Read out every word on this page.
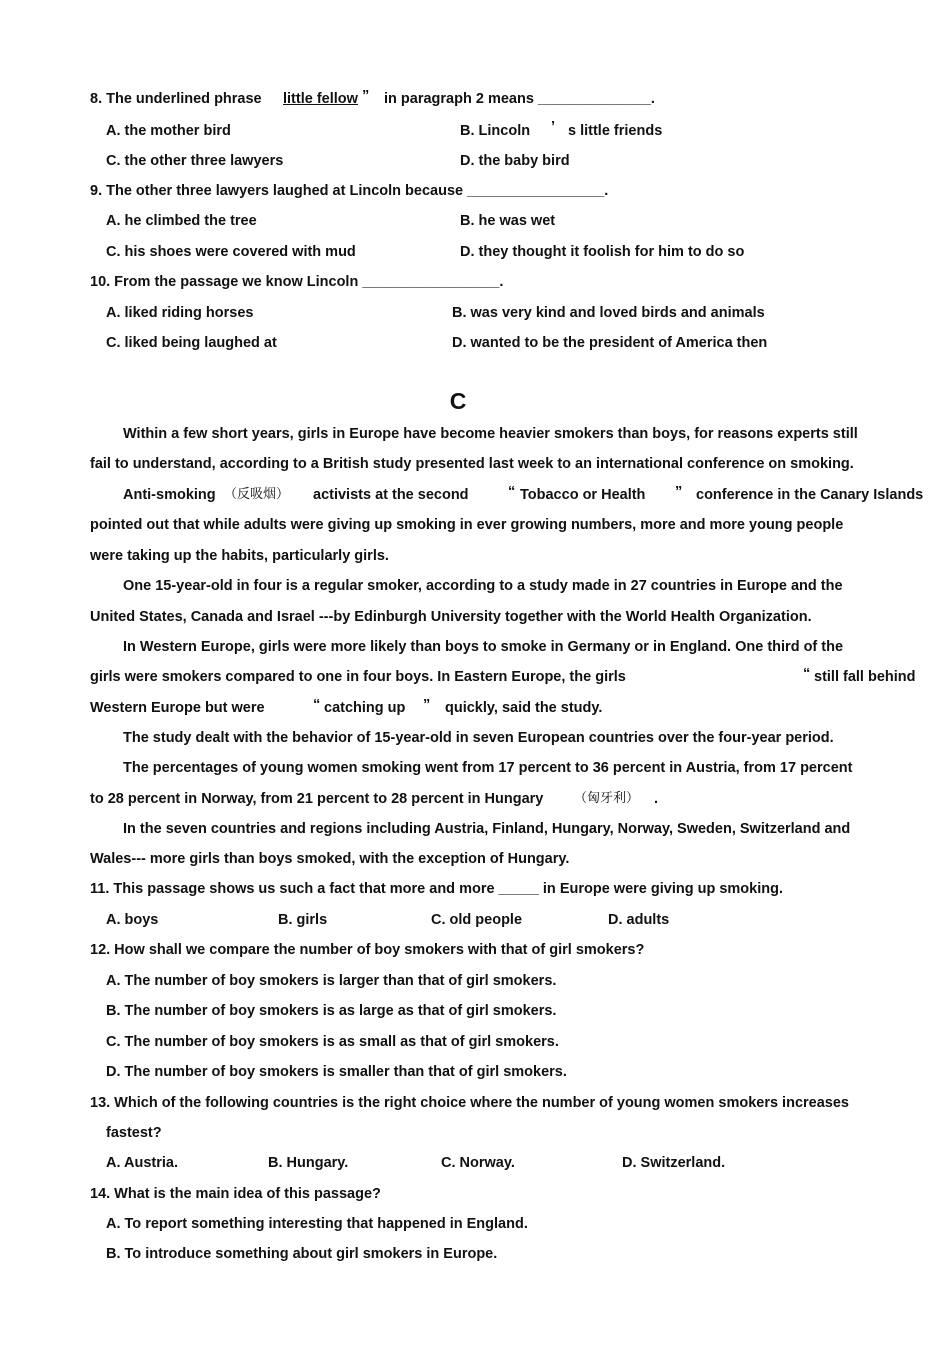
8. The underlined phrase little fellow ” in paragraph 2 means ______________.
A. the mother bird	B. Lincoln ’ s little friends
C. the other three lawyers	D. the baby bird
9. The other three lawyers laughed at Lincoln because _________________.
A. he climbed the tree	B. he was wet
C. his shoes were covered with mud	D. they thought it foolish for him to do so
10. From the passage we know Lincoln _________________.
A. liked riding horses	B. was very kind and loved birds and animals
C. liked being laughed at	D. wanted to be the president of America then
C
Within a few short years, girls in Europe have become heavier smokers than boys, for reasons experts still
fail to understand, according to a British study presented last week to an international conference on smoking.
Anti-smoking （反吸烟） activists at the second	“ Tobacco or Health ” conference in the Canary Islands
pointed out that while adults were giving up smoking in ever growing numbers, more and more young people
were taking up the habits, particularly girls.
One 15-year-old in four is a regular smoker, according to a study made in 27 countries in Europe and the
United States, Canada and Israel ---by Edinburgh University together with the World Health Organization.
In Western Europe, girls were more likely than boys to smoke in Germany or in England. One third of the
girls were smokers compared to one in four boys. In Eastern Europe, the girls	“ still fall behind
Western Europe but were	“ catching up ” quickly, said the study.
The study dealt with the behavior of 15-year-old in seven European countries over the four-year period.
The percentages of young women smoking went from 17 percent to 36 percent in Austria, from 17 percent
to 28 percent in Norway, from 21 percent to 28 percent in Hungary （匈牙利） .
In the seven countries and regions including Austria, Finland, Hungary, Norway, Sweden, Switzerland and
Wales--- more girls than boys smoked, with the exception of Hungary.
11. This passage shows us such a fact that more and more _____ in Europe were giving up smoking.
A. boys	B. girls	C. old people	D. adults
12. How shall we compare the number of boy smokers with that of girl smokers?
A. The number of boy smokers is larger than that of girl smokers.
B. The number of boy smokers is as large as that of girl smokers.
C. The number of boy smokers is as small as that of girl smokers.
D. The number of boy smokers is smaller than that of girl smokers.
13. Which of the following countries is the right choice where the number of young women smokers increases
fastest?
A. Austria.	B. Hungary.	C. Norway.	D. Switzerland.
14. What is the main idea of this passage?
A. To report something interesting that happened in England.
B. To introduce something about girl smokers in Europe.
